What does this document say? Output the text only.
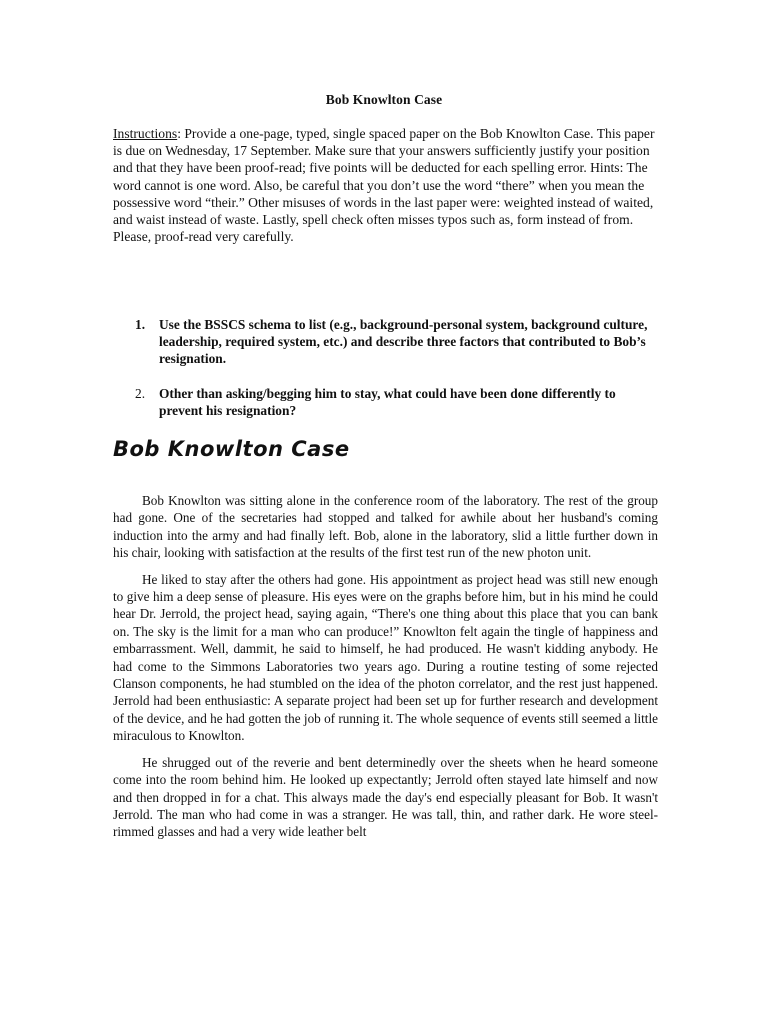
Bob Knowlton Case
Instructions: Provide a one-page, typed, single spaced paper on the Bob Knowlton Case. This paper is due on Wednesday, 17 September. Make sure that your answers sufficiently justify your position and that they have been proof-read; five points will be deducted for each spelling error. Hints: The word cannot is one word. Also, be careful that you don’t use the word “there” when you mean the possessive word “their.” Other misuses of words in the last paper were: weighted instead of waited, and waist instead of waste. Lastly, spell check often misses typos such as, form instead of from. Please, proof-read very carefully.
1.	Use the BSSCS schema to list (e.g., background-personal system, background culture, leadership, required system, etc.) and describe three factors that contributed to Bob’s resignation.
2.	Other than asking/begging him to stay, what could have been done differently to prevent his resignation?
Bob Knowlton Case

Bob Knowlton was sitting alone in the conference room of the laboratory. The rest of the group had gone. One of the secretaries had stopped and talked for awhile about her husband's coming induction into the army and had finally left. Bob, alone in the laboratory, slid a little further down in his chair, looking with satisfaction at the results of the first test run of the new photon unit.

He liked to stay after the others had gone. His appointment as project head was still new enough to give him a deep sense of pleasure. His eyes were on the graphs before him, but in his mind he could hear Dr. Jerrold, the project head, saying again, “There's one thing about this place that you can bank on. The sky is the limit for a man who can produce!” Knowlton felt again the tingle of happiness and embarrassment. Well, dammit, he said to himself, he had produced. He wasn't kidding anybody. He had come to the Simmons Laboratories two years ago. During a routine testing of some rejected Clanson components, he had stumbled on the idea of the photon correlator, and the rest just happened. Jerrold had been enthusiastic: A separate project had been set up for further research and development of the device, and he had gotten the job of running it. The whole sequence of events still seemed a little miraculous to Knowlton.

He shrugged out of the reverie and bent determinedly over the sheets when he heard someone come into the room behind him. He looked up expectantly; Jerrold often stayed late himself and now and then dropped in for a chat. This always made the day's end especially pleasant for Bob. It wasn't Jerrold. The man who had come in was a stranger. He was tall, thin, and rather dark. He wore steel-rimmed glasses and had a very wide leather belt
